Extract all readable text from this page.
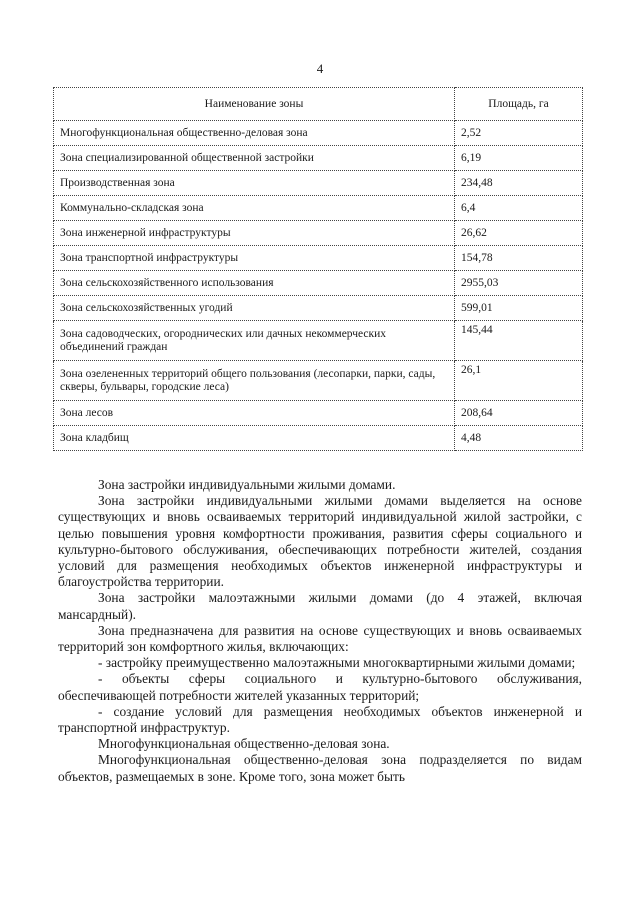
4
Наименование зоны	Площадь, га
Многофункциональная общественно-деловая зона	2,52
Зона специализированной общественной застройки	6,19
Производственная зона	234,48
Коммунально-складская зона	6,4
Зона инженерной инфраструктуры	26,62
Зона транспортной инфраструктуры	154,78
Зона сельскохозяйственного использования	2955,03
Зона сельскохозяйственных угодий	599,01
Зона садоводческих, огороднических или дачных некоммерческих объединений граждан	145,44
Зона озелененных территорий общего пользования (лесопарки, парки, сады, скверы, бульвары, городские леса)	26,1
Зона лесов	208,64
Зона кладбищ	4,48

Зона застройки индивидуальными жилыми домами.

Зона застройки индивидуальными жилыми домами выделяется на основе существующих и вновь осваиваемых территорий индивидуальной жилой застройки, с целью повышения уровня комфортности проживания, развития сферы социального и культурно-бытового обслуживания, обеспечивающих потребности жителей, создания условий для размещения необходимых объектов инженерной инфраструктуры и благоустройства территории.

Зона застройки малоэтажными жилыми домами (до 4 этажей, включая мансардный).

Зона предназначена для развития на основе существующих и вновь осваиваемых территорий зон комфортного жилья, включающих:

- застройку преимущественно малоэтажными многоквартирными жилыми домами;

- объекты сферы социального и культурно-бытового обслуживания, обеспечивающей потребности жителей указанных территорий;

- создание условий для размещения необходимых объектов инженерной и транспортной инфраструктур.

Многофункциональная общественно-деловая зона.

Многофункциональная общественно-деловая зона подразделяется по видам объектов, размещаемых в зоне. Кроме того, зона может быть
